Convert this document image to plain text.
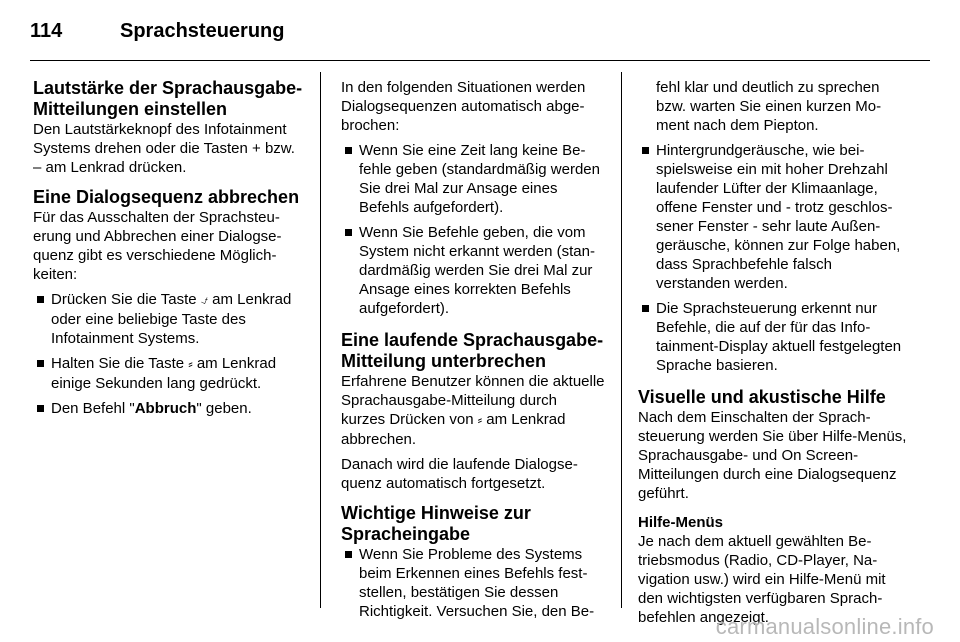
114	Sprachsteuerung
Lautstärke der Sprachausgabe-Mitteilungen einstellen

Den Lautstärkeknopf des Infotainment Systems drehen oder die Tasten + bzw. – am Lenkrad drücken.

Eine Dialogsequenz abbrechen

Für das Ausschalten der Sprachsteuerung und Abbrechen einer Dialogsequenz gibt es verschiedene Möglichkeiten:

Drücken Sie die Taste ⍻ am Lenkrad oder eine beliebige Taste des Infotainment Systems.
Halten Sie die Taste ⸗ am Lenkrad einige Sekunden lang gedrückt.
Den Befehl "Abbruch" geben.

In den folgenden Situationen werden Dialogsequenzen automatisch abgebrochen:

Wenn Sie eine Zeit lang keine Befehle geben (standardmäßig werden Sie drei Mal zur Ansage eines Befehls aufgefordert).
Wenn Sie Befehle geben, die vom System nicht erkannt werden (standardmäßig werden Sie drei Mal zur Ansage eines korrekten Befehls aufgefordert).
Eine laufende Sprachausgabe-Mitteilung unterbrechen

Erfahrene Benutzer können die aktuelle Sprachausgabe-Mitteilung durch kurzes Drücken von ⸗ am Lenkrad abbrechen.

Danach wird die laufende Dialogsequenz automatisch fortgesetzt.

Wichtige Hinweise zur Spracheingabe
Wenn Sie Probleme des Systems beim Erkennen eines Befehls feststellen, bestätigen Sie dessen Richtigkeit. Versuchen Sie, den Be-
fehl klar und deutlich zu sprechen bzw. warten Sie einen kurzen Moment nach dem Piepton.
Hintergrundgeräusche, wie beispielsweise ein mit hoher Drehzahl laufender Lüfter der Klimaanlage, offene Fenster und - trotz geschlossener Fenster - sehr laute Außengeräusche, können zur Folge haben, dass Sprachbefehle falsch verstanden werden.
Die Sprachsteuerung erkennt nur Befehle, die auf der für das Infotainment-Display aktuell festgelegten Sprache basieren.
Visuelle und akustische Hilfe

Nach dem Einschalten der Sprachsteuerung werden Sie über Hilfe-Menüs, Sprachausgabe- und On Screen-Mitteilungen durch eine Dialogsequenz geführt.

Hilfe-Menüs

Je nach dem aktuell gewählten Betriebsmodus (Radio, CD-Player, Navigation usw.) wird ein Hilfe-Menü mit den wichtigsten verfügbaren Sprachbefehlen angezeigt.

carmanualsonline.info
